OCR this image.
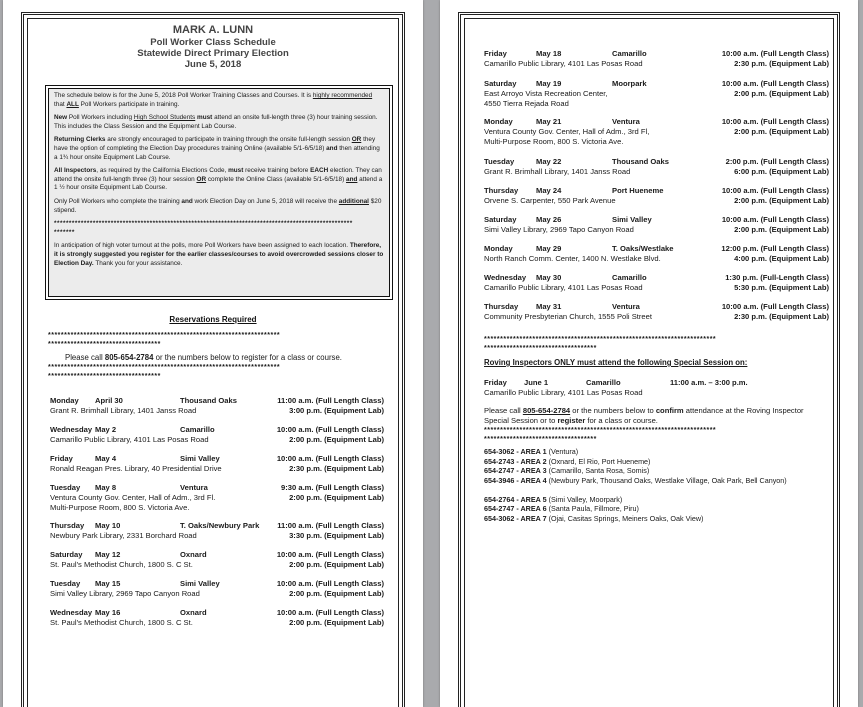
MARK A. LUNN
Poll Worker Class Schedule
Statewide Direct Primary Election
June 5, 2018

The schedule below is for the June 5, 2018 Poll Worker Training Classes and Courses. It is highly recommended that ALL Poll Workers participate in training.

New Poll Workers including High School Students must attend an onsite full-length three (3) hour training session. This includes the Class Session and the Equipment Lab Course.

Returning Clerks are strongly encouraged to participate in training through the onsite full-length session OR they have the option of completing the Election Day procedures training Online (available 5/1-6/5/18) and then attending a 1¾ hour onsite Equipment Lab Course.

All Inspectors, as required by the California Elections Code, must receive training before EACH election. They can attend the onsite full-length three (3) hour session OR complete the Online Class (available 5/1-6/5/18) and attend a 1 ½ hour onsite Equipment Lab Course.

Only Poll Workers who complete the training and work Election Day on June 5, 2018 will receive the additional $20 stipend.

****************************************************************************************************
*******

In anticipation of high voter turnout at the polls, more Poll Workers have been assigned to each location. Therefore, it is strongly suggested you register for the earlier classes/courses to avoid overcrowded sessions closer to Election Day. Thank you for your assistance.

Reservations Required
************************************************************************
***********************************
Please call 805-654-2784 or the numbers below to register for a class or course.
************************************************************************
***********************************
Monday April 30	Thousand Oaks	11:00 a.m. (Full Length Class)
Grant R. Brimhall Library, 1401 Janss Road	3:00 p.m. (Equipment Lab)
Wednesday May 2	Camarillo	10:00 a.m. (Full Length Class)
Camarillo Public Library, 4101 Las Posas Road	2:00 p.m. (Equipment Lab)
Friday	May 4	Simi Valley	10:00 a.m. (Full Length Class)
Ronald Reagan Pres. Library, 40 Presidential Drive	2:30 p.m. (Equipment Lab)
Tuesday May 8	Ventura	9:30 a.m. (Full Length Class)
Ventura County Gov. Center, Hall of Adm., 3rd Fl.	2:00 p.m. (Equipment Lab)
Multi-Purpose Room, 800 S. Victoria Ave.
Thursday May 10	T. Oaks/Newbury Park 11:00 a.m. (Full Length Class)
Newbury Park Library, 2331 Borchard Road	3:30 p.m. (Equipment Lab)
Saturday May 12	Oxnard	10:00 a.m. (Full Length Class)
St. Paul's Methodist Church, 1800 S. C St.	2:00 p.m. (Equipment Lab)
Tuesday May 15	Simi Valley	10:00 a.m. (Full Length Class)
Simi Valley Library, 2969 Tapo Canyon Road	2:00 p.m. (Equipment Lab)
Wednesday May 16	Oxnard	10:00 a.m. (Full Length Class)
St. Paul's Methodist Church, 1800 S. C St.	2:00 p.m. (Equipment Lab)
Friday	May 18	Camarillo	10:00 a.m. (Full Length Class)
Camarillo Public Library, 4101 Las Posas Road	2:30 p.m. (Equipment Lab)
Saturday	May 19	Moorpark	10:00 a.m. (Full Length Class)
East Arroyo Vista Recreation Center,	2:00 p.m. (Equipment Lab)
4550 Tierra Rejada Road
Monday	May 21	Ventura	10:00 a.m. (Full Length Class)
Ventura County Gov. Center, Hall of Adm., 3rd Fl,	2:00 p.m. (Equipment Lab)
Multi-Purpose Room, 800 S. Victoria Ave.
Tuesday	May 22	Thousand Oaks	2:00 p.m. (Full Length Class)
Grant R. Brimhall Library, 1401 Janss Road	6:00 p.m. (Equipment Lab)
Thursday May 24	Port Hueneme	10:00 a.m. (Full Length Class)
Orvene S. Carpenter, 550 Park Avenue	2:00 p.m. (Equipment Lab)
Saturday	May 26	Simi Valley	10:00 a.m. (Full Length Class)
Simi Valley Library, 2969 Tapo Canyon Road	2:00 p.m. (Equipment Lab)
Monday	May 29	T. Oaks/Westlake	12:00 p.m. (Full Length Class)
North Ranch Comm. Center, 1400 N. Westlake Blvd.	4:00 p.m. (Equipment Lab)
Wednesday May 30	Camarillo	1:30 p.m. (Full-Length Class)
Camarillo Public Library, 4101 Las Posas Road	5:30 p.m. (Equipment Lab)
Thursday May 31	Ventura	10:00 a.m. (Full Length Class)
Community Presbyterian Church, 1555 Poli Street	2:30 p.m. (Equipment Lab)
************************************************************************
***********************************
Roving Inspectors ONLY must attend the following Special Session on:
Friday June 1	Camarillo	11:00 a.m. – 3:00 p.m.
Camarillo Public Library, 4101 Las Posas Road
Please call 805-654-2784 or the numbers below to confirm attendance at the Roving Inspector Special Session or to register for a class or course.
************************************************************************
***********************************
654-3062 - AREA 1 (Ventura)
654-2743 - AREA 2 (Oxnard, El Rio, Port Hueneme)
654-2747 - AREA 3 (Camarillo, Santa Rosa, Somis)
654-3946 - AREA 4 (Newbury Park, Thousand Oaks, Westlake Village, Oak Park, Bell Canyon)
654-2764 - AREA 5 (Simi Valley, Moorpark)
654-2747 - AREA 6 (Santa Paula, Fillmore, Piru)
654-3062 - AREA 7 (Ojai, Casitas Springs, Meiners Oaks, Oak View)
